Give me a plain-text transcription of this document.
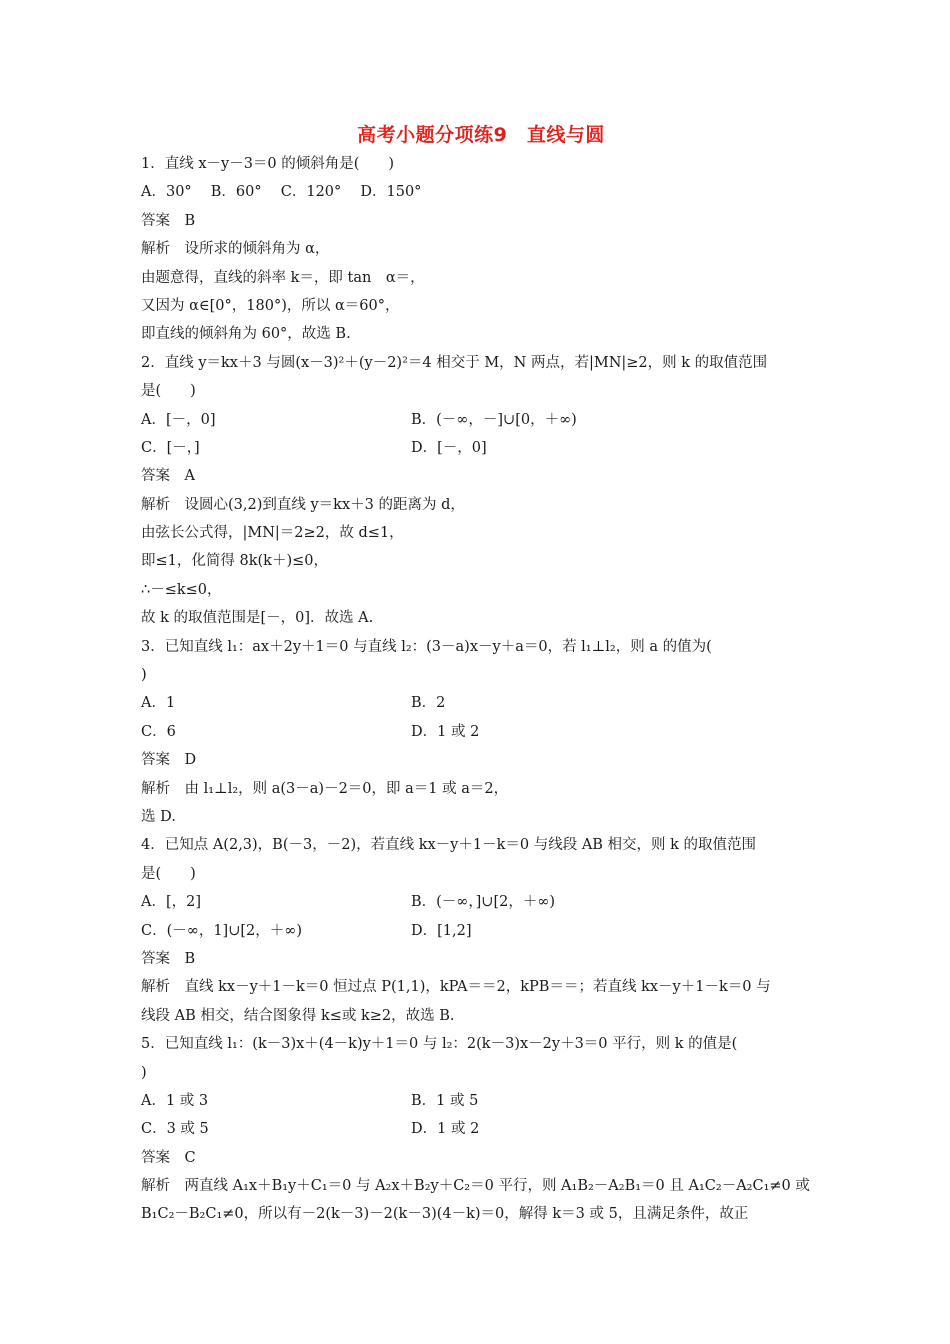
高考小题分项练9　直线与圆
1．直线 x－y－3＝0 的倾斜角是(　　)
A．30°　 B．60°　 C．120°　 D．150°
答案　B
解析　设所求的倾斜角为 α，
由题意得，直线的斜率 k＝，即 tan　α＝，
又因为 α∈[0°，180°)，所以 α＝60°，
即直线的倾斜角为 60°，故选 B.
2．直线 y＝kx＋3 与圆(x－3)²＋(y－2)²＝4 相交于 M，N 两点，若|MN|≥2，则 k 的取值范围
是(　　)
A．[－，0]	B．(－∞，－]∪[0，＋∞)
C．[－，]	D．[－，0]
答案　A
解析　设圆心(3,2)到直线 y＝kx＋3 的距离为 d，
由弦长公式得，|MN|＝2≥2，故 d≤1，
即≤1，化简得 8k(k＋)≤0，
∴－≤k≤0，
故 k 的取值范围是[－，0]．故选 A.
3．已知直线 l₁：ax＋2y＋1＝0 与直线 l₂：(3－a)x－y＋a＝0，若 l₁⊥l₂，则 a 的值为(
)
A．1	B．2
C．6	D．1 或 2
答案　D
解析　由 l₁⊥l₂，则 a(3－a)－2＝0，即 a＝1 或 a＝2，
选 D.
4．已知点 A(2,3)，B(－3，－2)，若直线 kx－y＋1－k＝0 与线段 AB 相交，则 k 的取值范围
是(　　)
A．[，2]	B．(－∞，]∪[2，＋∞)
C．(－∞，1]∪[2，＋∞)	D．[1,2]
答案　B
解析　直线 kx－y＋1－k＝0 恒过点 P(1,1)，kPA＝＝2，kPB＝＝；若直线 kx－y＋1－k＝0 与
线段 AB 相交，结合图象得 k≤或 k≥2，故选 B.
5．已知直线 l₁：(k－3)x＋(4－k)y＋1＝0 与 l₂：2(k－3)x－2y＋3＝0 平行，则 k 的值是(
)
A．1 或 3	B．1 或 5
C．3 或 5	D．1 或 2
答案　C
解析　两直线 A₁x＋B₁y＋C₁＝0 与 A₂x＋B₂y＋C₂＝0 平行，则 A₁B₂－A₂B₁＝0 且 A₁C₂－A₂C₁≠0 或
B₁C₂－B₂C₁≠0，所以有－2(k－3)－2(k－3)(4－k)＝0，解得 k＝3 或 5，且满足条件，故正
